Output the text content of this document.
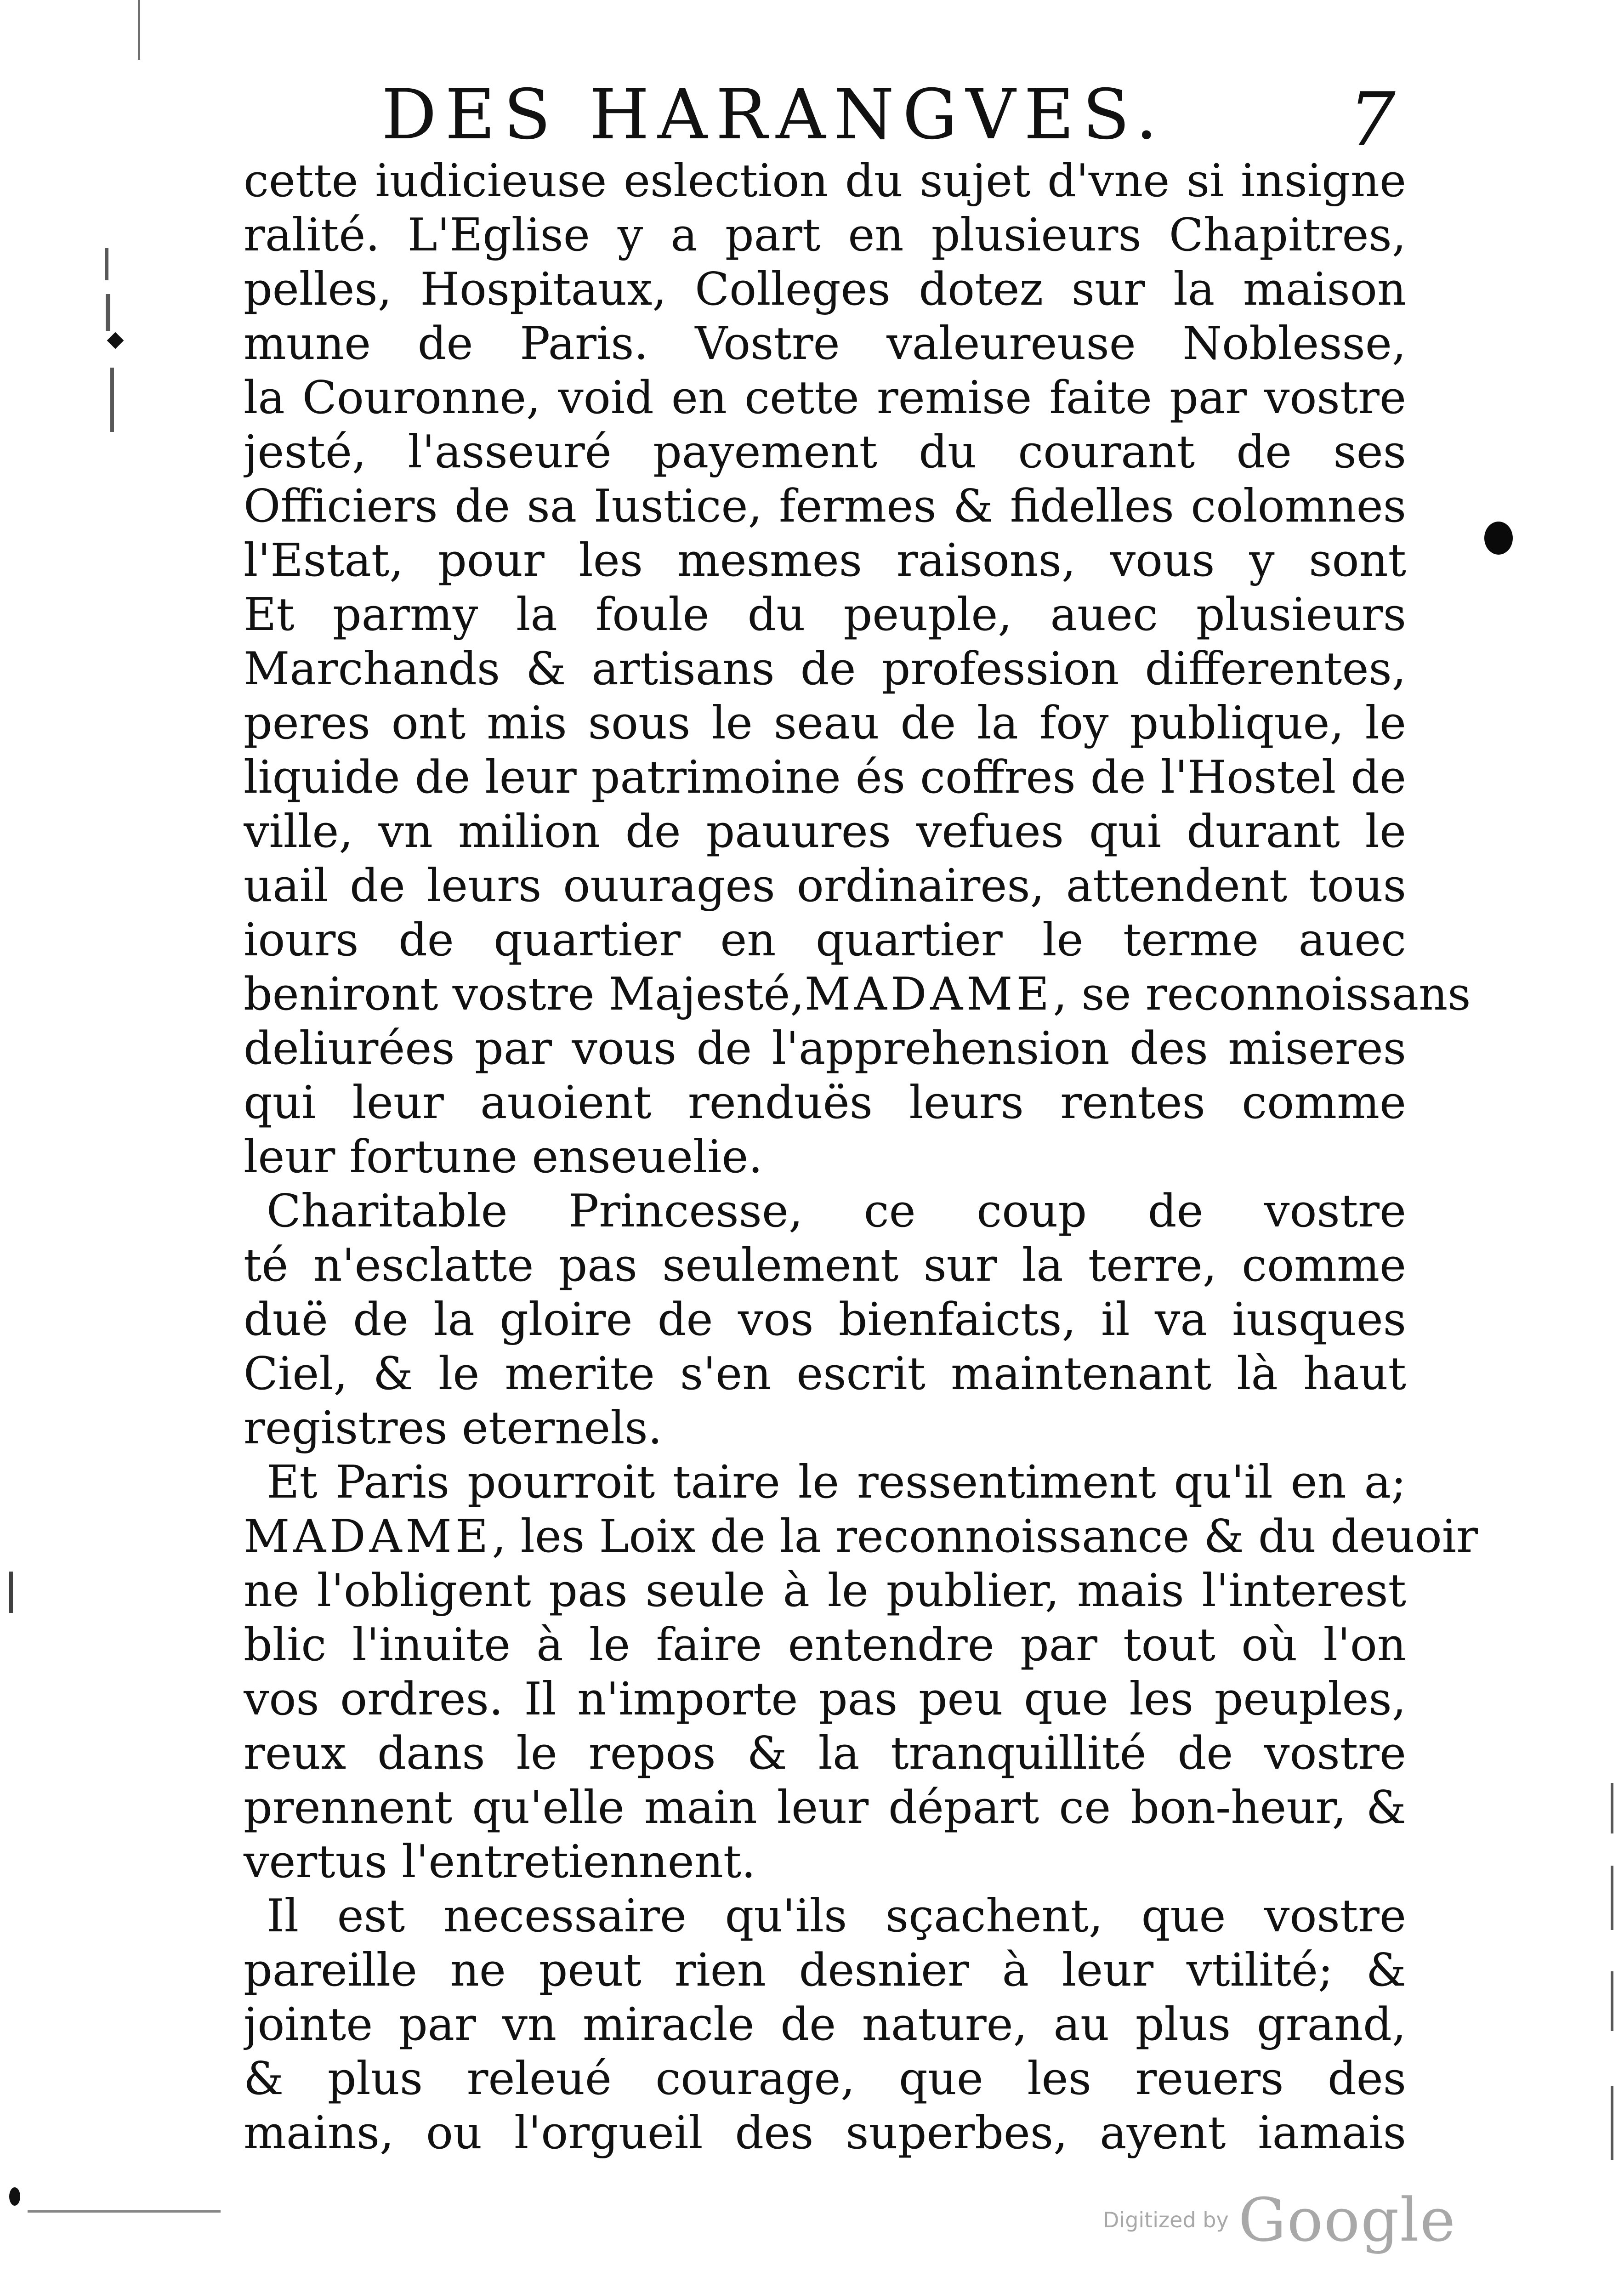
DES HARANGVES. 7
cette iudicieuse eslection du sujet d'vne si insigne
ralité. L'Eglise y a part en plusieurs Chapitres,
pelles, Hospitaux, Colleges dotez sur la maison
mune de Paris. Vostre valeureuse Noblesse,
la Couronne, void en cette remise faite par vostre
jesté, l'asseuré payement du courant de ses
Officiers de sa Iustice, fermes & fidelles colomnes
l'Estat, pour les mesmes raisons, vous y sont
Et parmy la foule du peuple, auec plusieurs
Marchands & artisans de profession differentes,
peres ont mis sous le seau de la foy publique, le
liquide de leur patrimoine és coffres de l'Hostel de
ville, vn milion de pauures vefues qui durant le
uail de leurs ouurages ordinaires, attendent tous
iours de quartier en quartier le terme auec
beniront vostre Majesté, MADAME , se reconnoissans
deliurées par vous de l'apprehension des miseres
qui leur auoient renduës leurs rentes comme
leur fortune enseuelie.
Charitable Princesse, ce coup de vostre
té n'esclatte pas seulement sur la terre, comme
duë de la gloire de vos bienfaicts, il va iusques
Ciel, & le merite s'en escrit maintenant là haut
registres eternels.
Et Paris pourroit taire le ressentiment qu'il en a;
MADAME , les Loix de la reconnoissance & du deuoir
ne l'obligent pas seule à le publier, mais l'interest
blic l'inuite à le faire entendre par tout où l'on
vos ordres. Il n'importe pas peu que les peuples,
reux dans le repos & la tranquillité de vostre
prennent qu'elle main leur départ ce bon-heur, &
vertus l'entretiennent.
Il est necessaire qu'ils sçachent, que vostre
pareille ne peut rien desnier à leur vtilité; &
jointe par vn miracle de nature, au plus grand,
& plus releué courage, que les reuers des
mains, ou l'orgueil des superbes, ayent iamais
Digitized by Google
